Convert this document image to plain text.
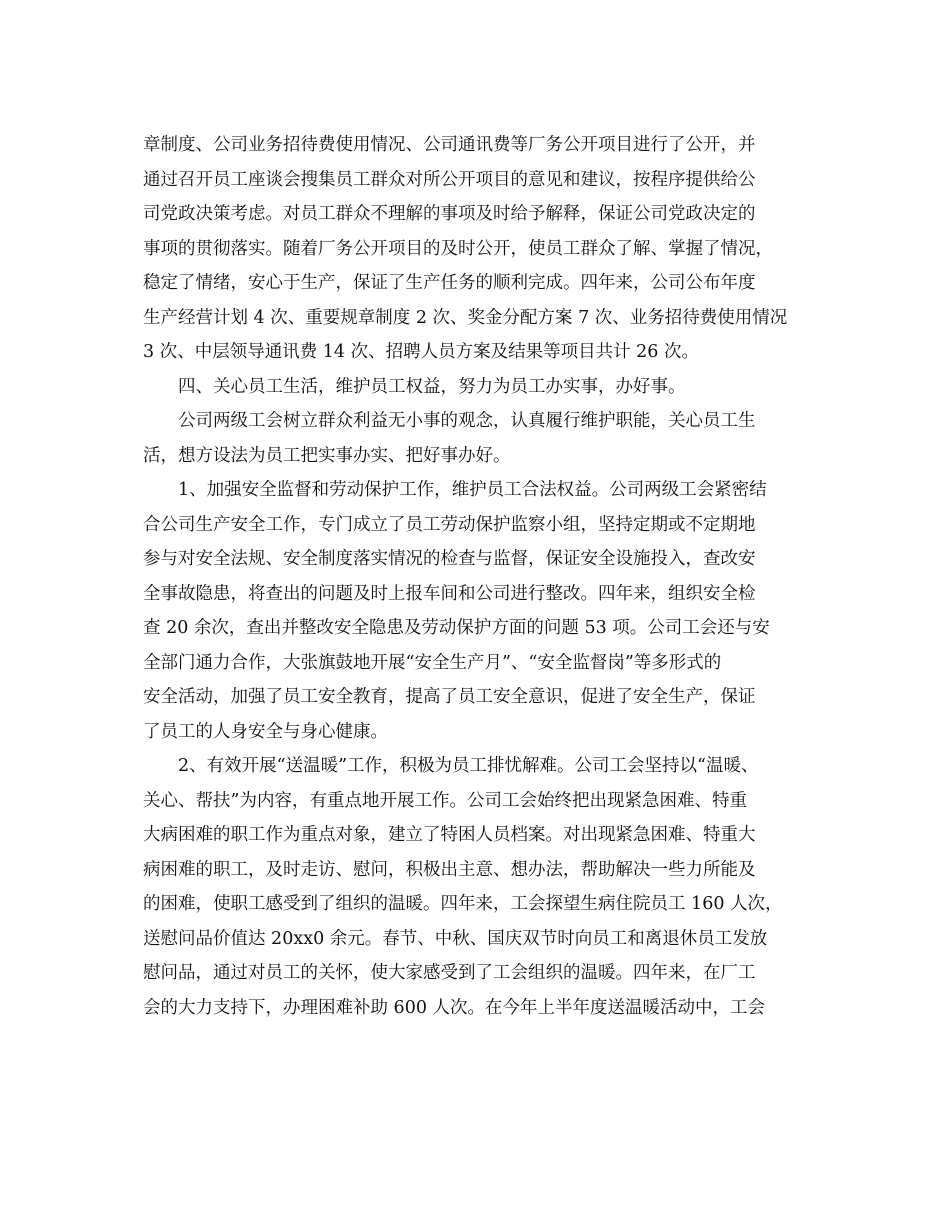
章制度、公司业务招待费使用情况、公司通讯费等厂务公开项目进行了公开，并
通过召开员工座谈会搜集员工群众对所公开项目的意见和建议，按程序提供给公
司党政决策考虑。对员工群众不理解的事项及时给予解释，保证公司党政决定的
事项的贯彻落实。随着厂务公开项目的及时公开，使员工群众了解、掌握了情况，
稳定了情绪，安心于生产，保证了生产任务的顺利完成。四年来，公司公布年度
生产经营计划 4 次、重要规章制度 2 次、奖金分配方案 7 次、业务招待费使用情况
3 次、中层领导通讯费 14 次、招聘人员方案及结果等项目共计 26 次。
　　四、关心员工生活，维护员工权益，努力为员工办实事，办好事。
　　公司两级工会树立群众利益无小事的观念，认真履行维护职能，关心员工生
活，想方设法为员工把实事办实、把好事办好。
　　1、加强安全监督和劳动保护工作，维护员工合法权益。公司两级工会紧密结
合公司生产安全工作，专门成立了员工劳动保护监察小组，坚持定期或不定期地
参与对安全法规、安全制度落实情况的检查与监督，保证安全设施投入，查改安
全事故隐患，将查出的问题及时上报车间和公司进行整改。四年来，组织安全检
查 20 余次，查出并整改安全隐患及劳动保护方面的问题 53 项。公司工会还与安
全部门通力合作，大张旗鼓地开展“安全生产月”、“安全监督岗”等多形式的
安全活动，加强了员工安全教育，提高了员工安全意识，促进了安全生产，保证
了员工的人身安全与身心健康。
　　2、有效开展“送温暖”工作，积极为员工排忧解难。公司工会坚持以“温暖、
关心、帮扶”为内容，有重点地开展工作。公司工会始终把出现紧急困难、特重
大病困难的职工作为重点对象，建立了特困人员档案。对出现紧急困难、特重大
病困难的职工，及时走访、慰问，积极出主意、想办法，帮助解决一些力所能及
的困难，使职工感受到了组织的温暖。四年来，工会探望生病住院员工 160 人次，
送慰问品价值达 20xx0 余元。春节、中秋、国庆双节时向员工和离退休员工发放
慰问品，通过对员工的关怀，使大家感受到了工会组织的温暖。四年来，在厂工
会的大力支持下，办理困难补助 600 人次。在今年上半年度送温暖活动中，工会
